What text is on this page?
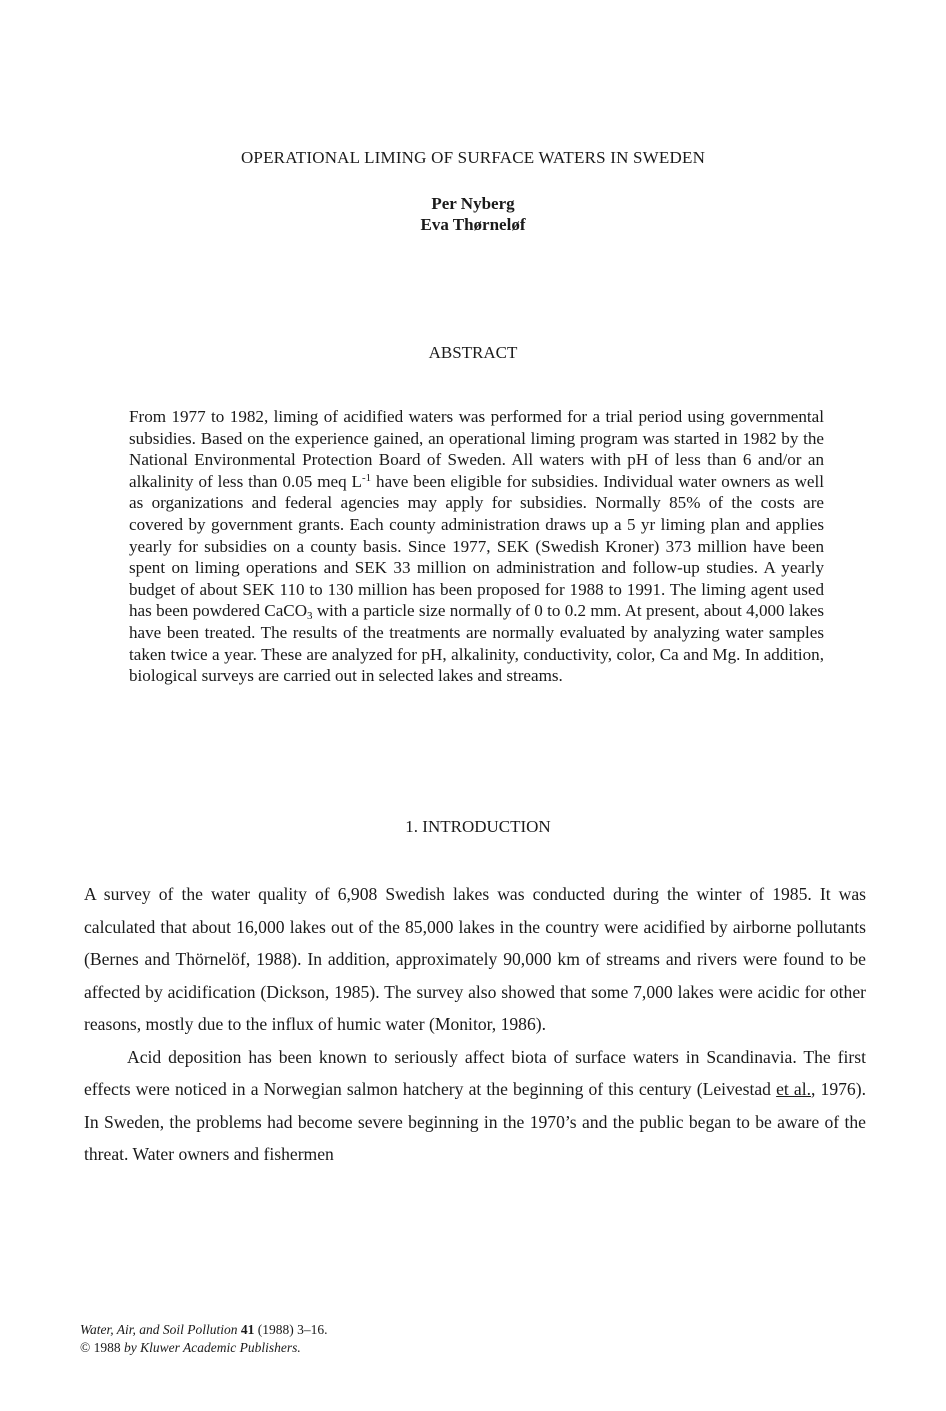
OPERATIONAL LIMING OF SURFACE WATERS IN SWEDEN
Per Nyberg
Eva Thørneløf
ABSTRACT

From 1977 to 1982, liming of acidified waters was performed for a trial period using governmental subsidies. Based on the experience gained, an operational liming program was started in 1982 by the National Environmental Protection Board of Sweden. All waters with pH of less than 6 and/or an alkalinity of less than 0.05 meq $L^{-1}$ have been eligible for subsidies. Individual water owners as well as organizations and federal agencies may apply for subsidies. Normally 85% of the costs are covered by government grants. Each county administration draws up a 5 yr liming plan and applies yearly for subsidies on a county basis. Since 1977, SEK (Swedish Kroner) 373 million have been spent on liming operations and SEK 33 million on administration and follow-up studies. A yearly budget of about SEK 110 to 130 million has been proposed for 1988 to 1991. The liming agent used has been powdered CaCO$_3$ with a particle size normally of 0 to 0.2 mm. At present, about 4,000 lakes have been treated. The results of the treatments are normally evaluated by analyzing water samples taken twice a year. These are analyzed for pH, alkalinity, conductivity, color, Ca and Mg. In addition, biological surveys are carried out in selected lakes and streams.

1. INTRODUCTION

A survey of the water quality of 6,908 Swedish lakes was conducted during the winter of 1985. It was calculated that about 16,000 lakes out of the 85,000 lakes in the country were acidified by airborne pollutants (Bernes and Thörnelöf, 1988). In addition, approximately 90,000 km of streams and rivers were found to be affected by acidification (Dickson, 1985). The survey also showed that some 7,000 lakes were acidic for other reasons, mostly due to the influx of humic water (Monitor, 1986).

Acid deposition has been known to seriously affect biota of surface waters in Scandinavia. The first effects were noticed in a Norwegian salmon hatchery at the beginning of this century (Leivestad et al., 1976). In Sweden, the problems had become severe beginning in the 1970’s and the public began to be aware of the threat. Water owners and fishermen

Water, Air, and Soil Pollution 41 (1988) 3–16.
© 1988 by Kluwer Academic Publishers.
